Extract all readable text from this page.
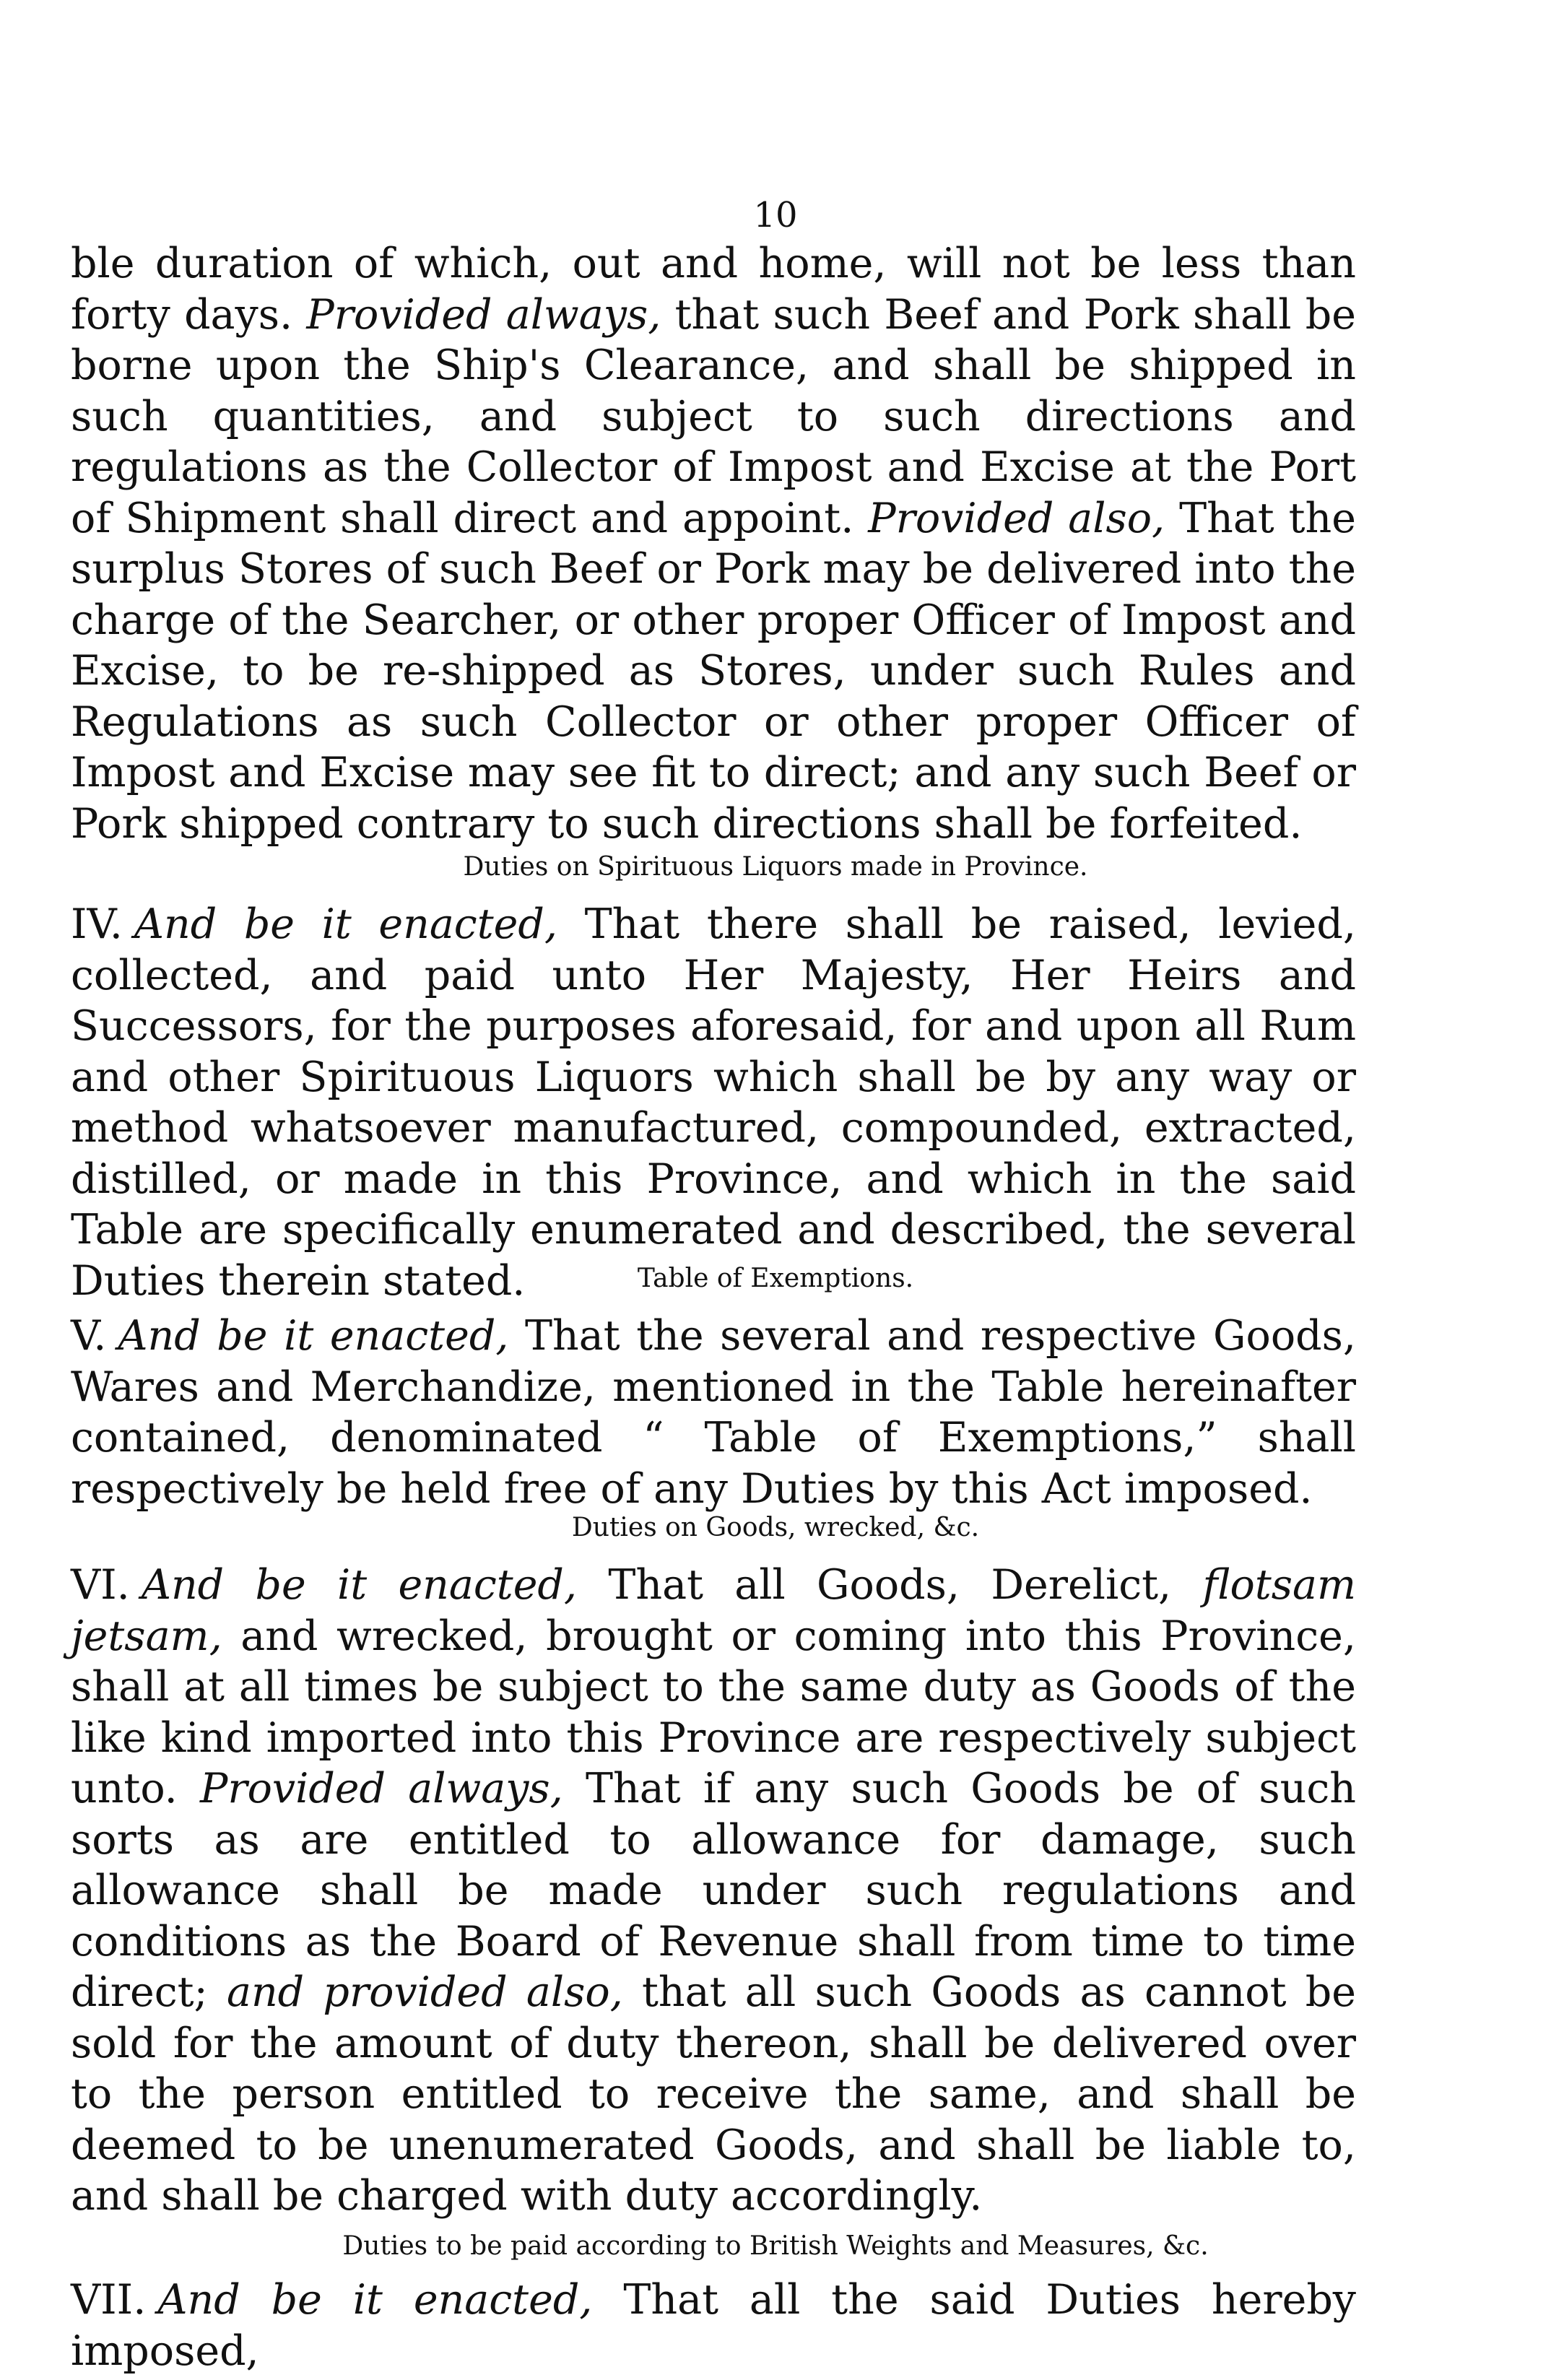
10

ble duration of which, out and home, will not be less than forty days. Provided always, that such Beef and Pork shall be borne upon the Ship's Clearance, and shall be shipped in such quantities, and subject to such directions and regulations as the Collector of Impost and Excise at the Port of Shipment shall direct and appoint. Provided also, That the surplus Stores of such Beef or Pork may be delivered into the charge of the Searcher, or other proper Officer of Impost and Excise, to be re-shipped as Stores, under such Rules and Regulations as such Collector or other proper Officer of Impost and Excise may see fit to direct; and any such Beef or Pork shipped contrary to such directions shall be forfeited.

Duties on Spirituous Liquors made in Province.

IV. And be it enacted, That there shall be raised, levied, collected, and paid unto Her Majesty, Her Heirs and Successors, for the purposes aforesaid, for and upon all Rum and other Spirituous Liquors which shall be by any way or method whatsoever manufactured, compounded, extracted, distilled, or made in this Province, and which in the said Table are specifically enumerated and described, the several Duties therein stated.	Table of Exemptions.

V. And be it enacted, That the several and respective Goods, Wares and Merchandize, mentioned in the Table hereinafter contained, denominated “ Table of Exemptions,” shall respectively be held free of any Duties by this Act imposed.

Duties on Goods, wrecked, &c.

VI. And be it enacted, That all Goods, Derelict, flotsam jetsam, and wrecked, brought or coming into this Province, shall at all times be subject to the same duty as Goods of the like kind imported into this Province are respectively subject unto. Provided always, That if any such Goods be of such sorts as are entitled to allowance for damage, such allowance shall be made under such regulations and conditions as the Board of Revenue shall from time to time direct; and provided also, that all such Goods as cannot be sold for the amount of duty thereon, shall be delivered over to the person entitled to receive the same, and shall be deemed to be unenumerated Goods, and shall be liable to, and shall be charged with duty accordingly.

Duties to be paid according to British Weights and Measures, &c.

VII. And be it enacted, That all the said Duties hereby imposed,
